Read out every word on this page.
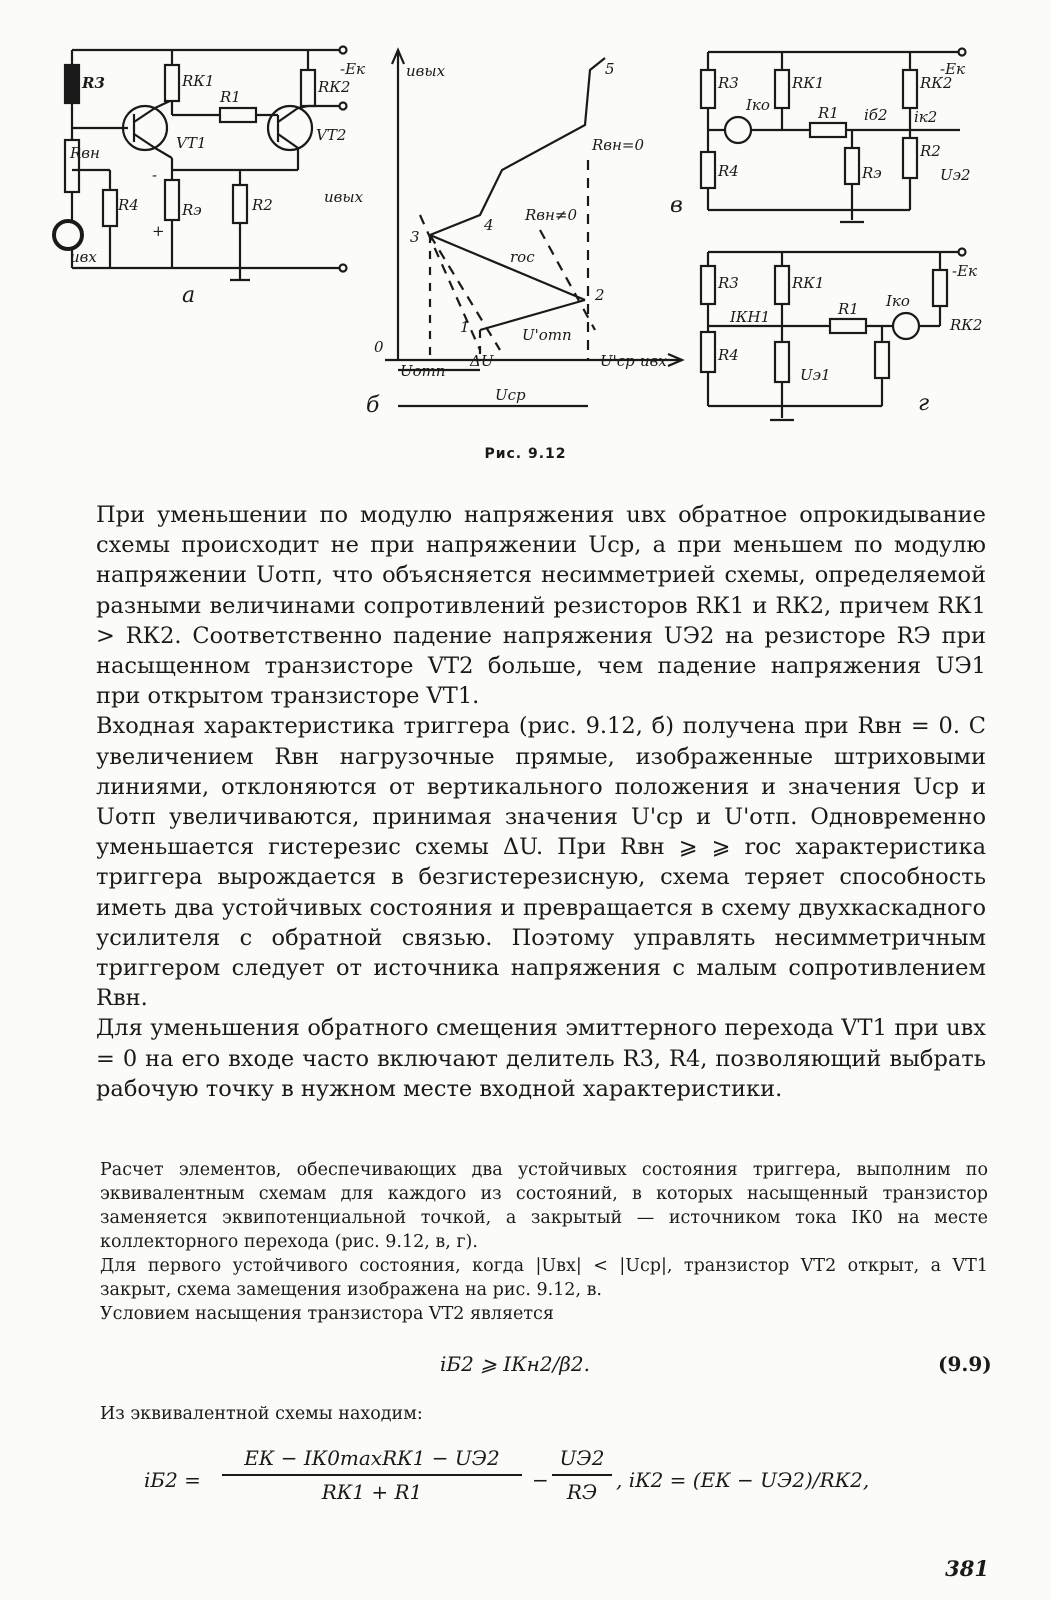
R3
Rвн
R4
uвх
RК1
R1
VT1
Rэ	R2
RК2
VT2
uвых
-Eк
-
+
а
uвых	5
Rвн=0
Rвн≠0
3
4
rос
2
1	U'отп
0
Uотп
ΔU	U'ср uвх
Uср
б
R3	RК1
-Eк
RК2
Iко	R1 iб2 iк2
R4	Rэ
R2
Uэ2
в
R3	RК1
-Eк
IКН1	R1 Iко
RК2
R4
Uэ1
г
Рис. 9.12

При уменьшении по модулю напряжения uвх обратное опрокидывание схемы происходит не при напряжении Uср, а при меньшем по модулю напряжении Uотп, что объясняется несимметрией схемы, определяемой разными величинами сопротивлений резисторов RК1 и RК2, причем RК1 > RК2. Соответственно падение напряжения UЭ2 на резисторе RЭ при насыщенном транзисторе VT2 больше, чем падение напряжения UЭ1 при открытом транзисторе VT1.

Входная характеристика триггера (рис. 9.12, б) получена при Rвн = 0. С увеличением Rвн нагрузочные прямые, изображенные штриховыми линиями, отклоняются от вертикального положения и значения Uср и Uотп увеличиваются, принимая значения U'ср и U'отп. Одновременно уменьшается гистерезис схемы ΔU. При Rвн ⩾ ⩾ rос характеристика триггера вырождается в безгистерезисную, схема теряет способность иметь два устойчивых состояния и превращается в схему двухкаскадного усилителя с обратной связью. Поэтому управлять несимметричным триггером следует от источника напряжения с малым сопротивлением Rвн.

Для уменьшения обратного смещения эмиттерного перехода VT1 при uвх = 0 на его входе часто включают делитель R3, R4, позволяющий выбрать рабочую точку в нужном месте входной характеристики.

Расчет элементов, обеспечивающих два устойчивых состояния триггера, выполним по эквивалентным схемам для каждого из состояний, в которых насыщенный транзистор заменяется эквипотенциальной точкой, а закрытый — источником тока IК0 на месте коллекторного перехода (рис. 9.12, в, г).

Для первого устойчивого состояния, когда |Uвх| < |Uср|, транзистор VT2 открыт, а VT1 закрыт, схема замещения изображена на рис. 9.12, в.

Условием насыщения транзистора VT2 является

iБ2 ⩾ IКн2/β2.	(9.9)

Из эквивалентной схемы находим:

iБ2 =
EК − IК0maxRК1 − UЭ2
RК1 + R1	−
UЭ2
RЭ , iК2 = (EК − UЭ2)/RК2,
381
